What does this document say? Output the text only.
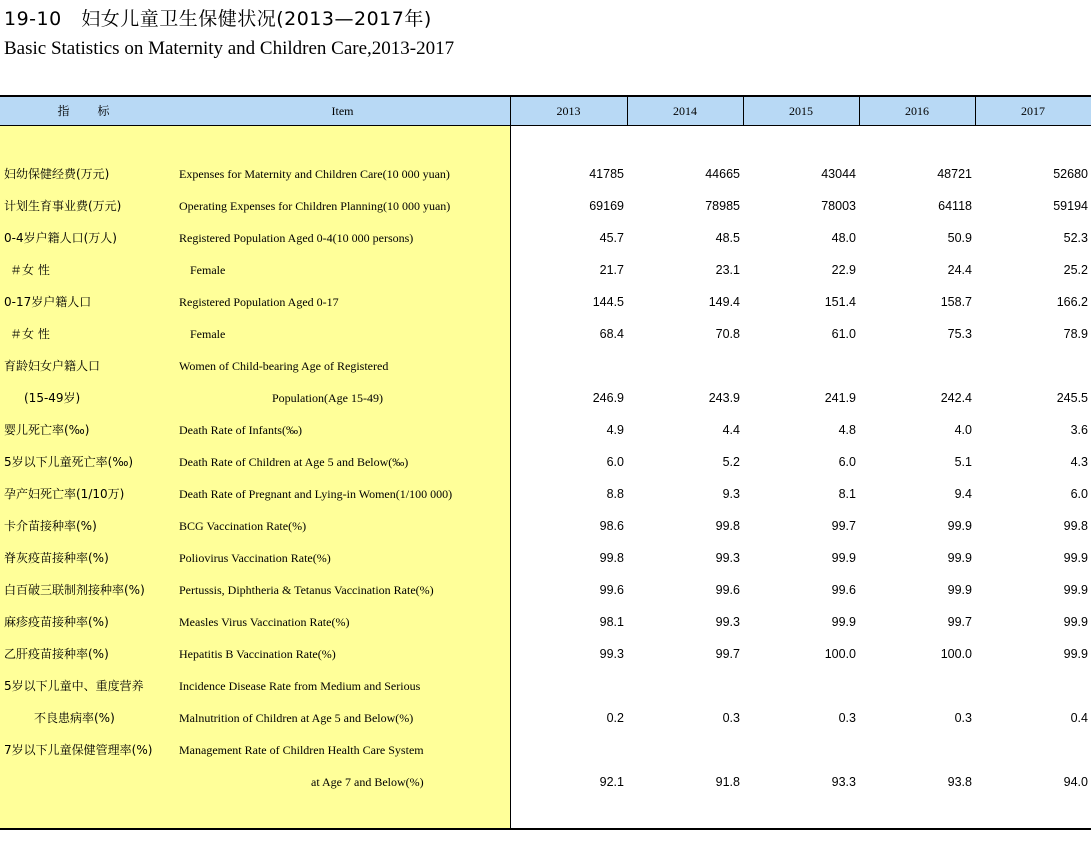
19-10　妇女儿童卫生保健状况(2013—2017年)
Basic Statistics on Maternity and Children Care,2013-2017
指　标	Item	2013	2014	2015	2016	2017
妇幼保健经费(万元)	Expenses for Maternity and Children Care(10 000 yuan)	41785	44665	43044	48721	52680
计划生育事业费(万元)	Operating Expenses for Children Planning(10 000 yuan)	69169	78985	78003	64118	59194
0-4岁户籍人口(万人)	Registered Population Aged 0-4(10 000 persons)	45.7	48.5	48.0	50.9	52.3
＃女 性	Female	21.7	23.1	22.9	24.4	25.2
0-17岁户籍人口	Registered Population Aged 0-17	144.5	149.4	151.4	158.7	166.2
＃女 性	Female	68.4	70.8	61.0	75.3	78.9
育龄妇女户籍人口	Women of Child-bearing Age of Registered
(15-49岁)	Population(Age 15-49)	246.9	243.9	241.9	242.4	245.5
婴儿死亡率(‰)	Death Rate of Infants(‰)	4.9	4.4	4.8	4.0	3.6
5岁以下儿童死亡率(‰)	Death Rate of Children at Age 5 and Below(‰)	6.0	5.2	6.0	5.1	4.3
孕产妇死亡率(1/10万)	Death Rate of Pregnant and Lying-in Women(1/100 000)	8.8	9.3	8.1	9.4	6.0
卡介苗接种率(%)	BCG Vaccination Rate(%)	98.6	99.8	99.7	99.9	99.8
脊灰疫苗接种率(%)	Poliovirus Vaccination Rate(%)	99.8	99.3	99.9	99.9	99.9
白百破三联制剂接种率(%)	Pertussis, Diphtheria & Tetanus Vaccination Rate(%)	99.6	99.6	99.6	99.9	99.9
麻疹疫苗接种率(%)	Measles Virus Vaccination Rate(%)	98.1	99.3	99.9	99.7	99.9
乙肝疫苗接种率(%)	Hepatitis B Vaccination Rate(%)	99.3	99.7	100.0	100.0	99.9
5岁以下儿童中、重度营养	Incidence Disease Rate from Medium and Serious
不良患病率(%)	Malnutrition of Children at Age 5 and Below(%)	0.2	0.3	0.3	0.3	0.4
7岁以下儿童保健管理率(%) Management Rate of Children Health Care System
at Age 7 and Below(%)	92.1	91.8	93.3	93.8	94.0
